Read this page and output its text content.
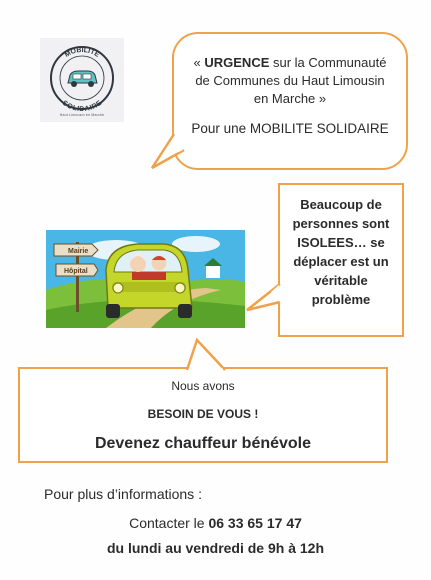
MOBILITE
SOLIDAIRE
Haut Limousin en Marche
« URGENCE sur la Communauté de Communes du Haut Limousin en Marche »
Pour une MOBILITE SOLIDAIRE
Beaucoup de personnes sont ISOLEES… se déplacer est un véritable problème
Mairie
Hôpital
Nous avons
BESOIN DE VOUS !
Devenez chauffeur bénévole
Pour plus d’informations :
Contacter le 06 33 65 17 47
du lundi au vendredi de 9h à 12h
